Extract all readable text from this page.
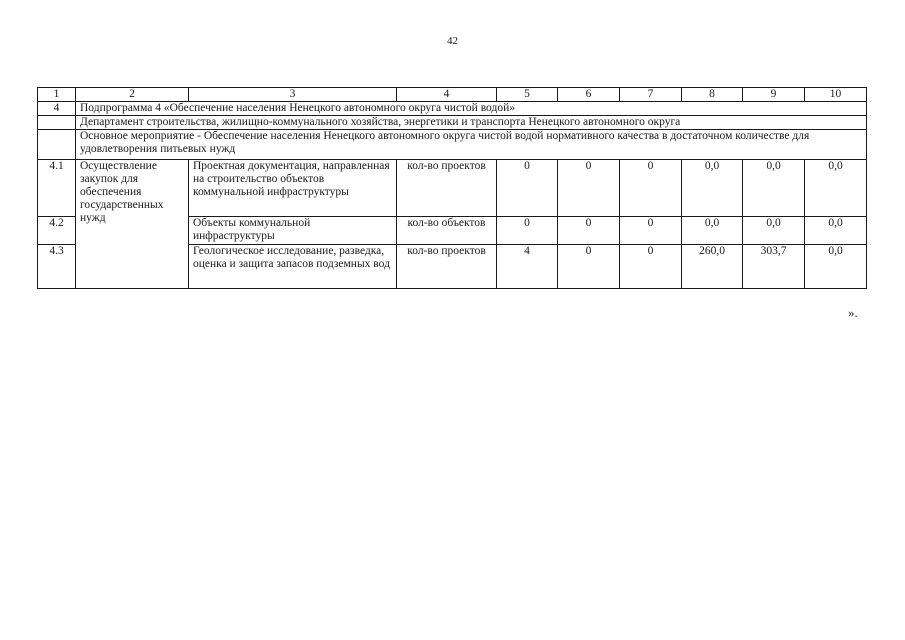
42
1	2	3	4	5	6	7	8	9	10
4	Подпрограмма 4 «Обеспечение населения Ненецкого автономного округа чистой водой»								
	Департамент строительства, жилищно-коммунального хозяйства, энергетики и транспорта Ненецкого автономного округа								
	Основное мероприятие - Обеспечение населения Ненецкого автономного округа чистой водой нормативного качества в достаточном количестве для удовлетворения питьевых нужд								
4.1	Осуществление закупок для обеспечения государственных нужд	Проектная документация, направленная на строительство объектов коммунальной инфраструктуры	кол-во проектов	0	0	0	0,0	0,0	0,0
4.2		Объекты коммунальной инфраструктуры	кол-во объектов	0	0	0	0,0	0,0	0,0
4.3		Геологическое исследование, разведка, оценка и защита запасов подземных вод	кол-во проектов	4	0	0	260,0	303,7	0,0
».
